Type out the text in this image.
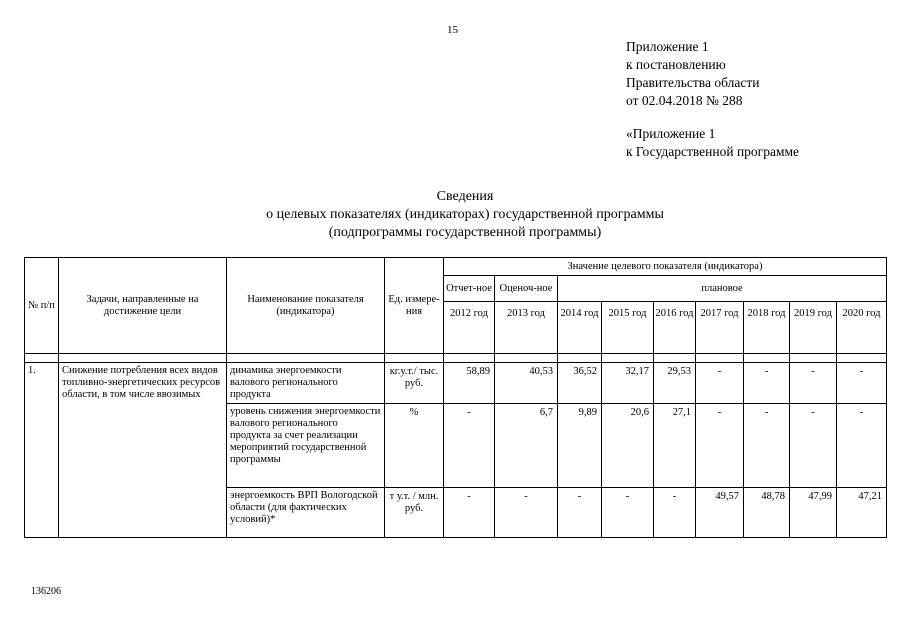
15
Приложение 1
к постановлению
Правительства области
от 02.04.2018 № 288
«Приложение 1
к Государственной программе
Сведения
о целевых показателях (индикаторах) государственной программы
(подпрограммы государственной программы)
№ п/п	Задачи, направленные на достижение цели	Наименование показателя (индикатора)	Ед. измере-ния	Значение целевого показателя (индикатора)								
				Отчет-ное	Оценоч-ное	плановое						
				2012 год	2013 год	2014 год	2015 год	2016 год	2017 год	2018 год	2019 год	2020 год

1.	Снижение потребления всех видов топливно-энергетических ресурсов области, в том числе ввозимых	динамика энергоемкости валового регионального продукта	кг.у.т./ тыс. руб.	58,89	40,53	36,52	32,17	29,53	-	-	-	-
		уровень снижения энергоемкости валового регионального продукта за счет реализации мероприятий государственной программы	%	-	6,7	9,89	20,6	27,1	-	-	-	-
		энергоемкость ВРП Вологодской области (для фактических условий)*	т у.т. / млн. руб.	-	-	-	-	-	49,57	48,78	47,99	47,21
136206
